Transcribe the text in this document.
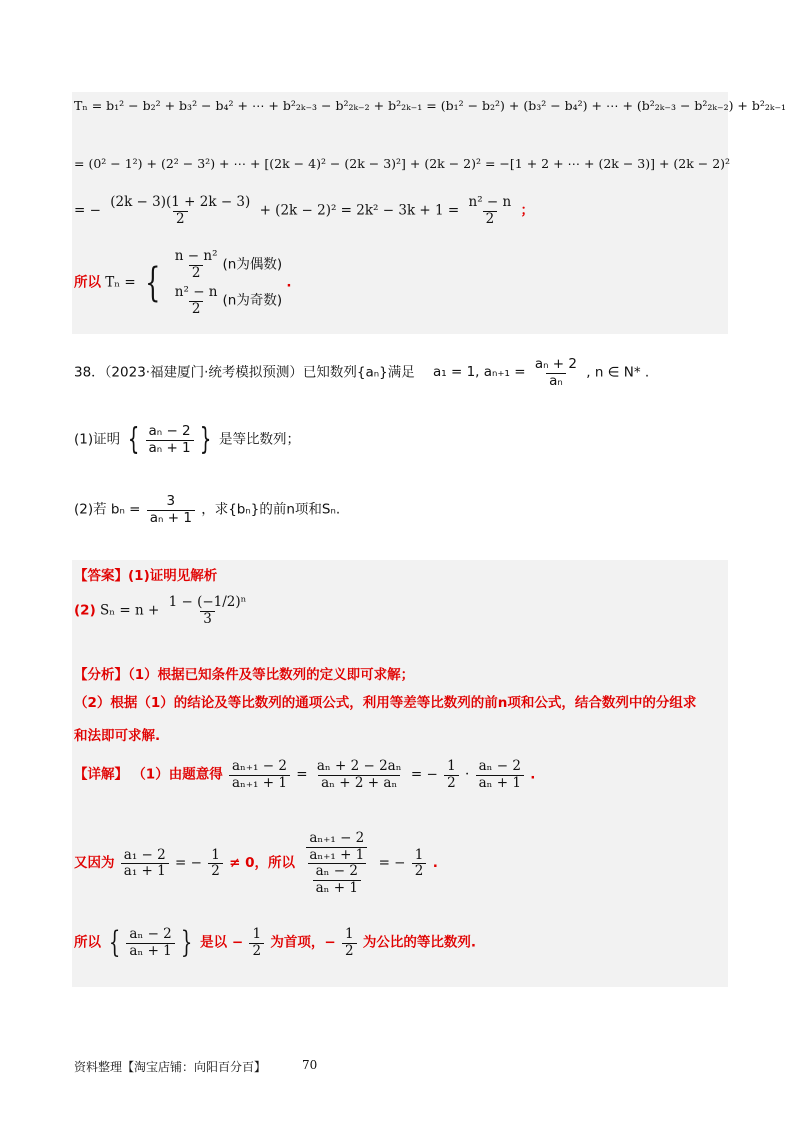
Tₙ = b₁² − b₂² + b₃² − b₄² + ⋯ + b²₂ₖ₋₃ − b²₂ₖ₋₂ + b²₂ₖ₋₁ = (b₁² − b₂²) + (b₃² − b₄²) + ⋯ + (b²₂ₖ₋₃ − b²₂ₖ₋₂) + b²₂ₖ₋₁
= (0² − 1²) + (2² − 3²) + ⋯ + [(2k − 4)² − (2k − 3)²] + (2k − 2)² = −[1 + 2 + ⋯ + (2k − 3)] + (2k − 2)²
= − $\frac{(2k - 3)(1 + 2k - 3)}{2} + (2k - 2)^2 = 2k^2 - 3k + 1 = \frac{\text{n² − n}}{2}$ ；
所以 Tₙ = { $\frac{\text{n − n²}}{2} (n$为偶数)
$\frac{\text{n² − n}}{2} (n$为奇数)
.
38．（2023·福建厦门·统考模拟预测）已知数列{aₙ}满足 a₁ = 1, $a_{n+1} = \frac{\text{aₙ + 2}}{\text{aₙ}}$ , n ∈ N* .
(1)证明 { $\frac{\text{aₙ − 2}}{\text{aₙ + 1}}$ } 是等比数列；
(2)若 $b_n = \frac{3}{\text{aₙ + 1}}$ ，求{bₙ}的前n项和Sₙ.
【答案】(1)证明见解析
(2) $S_n = n + \frac{\text{1 − (−1/2)ⁿ}}{3}$
【分析】（1）根据已知条件及等比数列的定义即可求解；
（2）根据（1）的结论及等比数列的通项公式，利用等差等比数列的前n项和公式，结合数列中的分组求
和法即可求解.
【详解】 （1）由题意得 $\frac{\text{aₙ₊₁ − 2}}{\text{aₙ₊₁ + 1}} = \frac{\text{aₙ + 2 − 2aₙ}}{\text{aₙ + 2 + aₙ}}$ = − $\frac{1}{2} \cdot \frac{\text{aₙ − 2}}{\text{aₙ + 1}}$ .
又因为 $\frac{\text{a₁ − 2}}{\text{a₁ + 1}}$ = − $\frac{1}{2} \ne 0$，所以 $\frac{\frac{\text{aₙ₊₁ − 2}}{\text{aₙ₊₁ + 1}}}{\frac{\text{aₙ − 2}}{\text{aₙ + 1}}}$ = − $\frac{1}{2}$ .
所以 { $\frac{\text{aₙ − 2}}{\text{aₙ + 1}}$ } 是以 − $\frac{1}{2}$ 为首项，− $\frac{1}{2}$ 为公比的等比数列.
资料整理【淘宝店铺：向阳百分百】	70
